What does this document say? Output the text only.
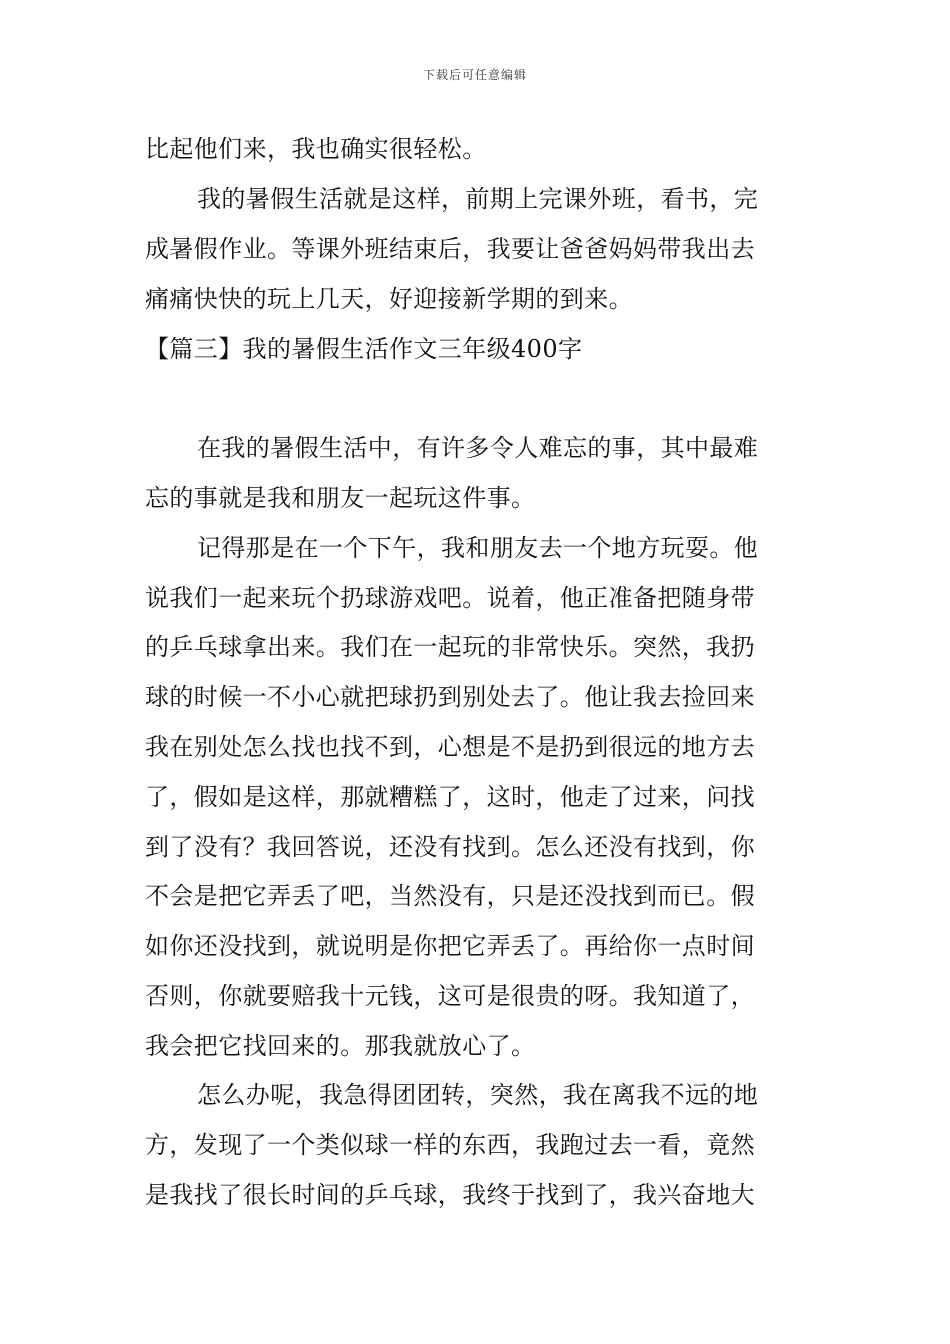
下载后可任意编辑
比起他们来，我也确实很轻松。
我的暑假生活就是这样，前期上完课外班，看书，完
成暑假作业。等课外班结束后，我要让爸爸妈妈带我出去
痛痛快快的玩上几天，好迎接新学期的到来。
【篇三】我的暑假生活作文三年级400字
在我的暑假生活中，有许多令人难忘的事，其中最难
忘的事就是我和朋友一起玩这件事。
记得那是在一个下午，我和朋友去一个地方玩耍。他
说我们一起来玩个扔球游戏吧。说着，他正准备把随身带
的乒乓球拿出来。我们在一起玩的非常快乐。突然，我扔
球的时候一不小心就把球扔到别处去了。他让我去捡回来
我在别处怎么找也找不到，心想是不是扔到很远的地方去
了，假如是这样，那就糟糕了，这时，他走了过来，问找
到了没有？我回答说，还没有找到。怎么还没有找到，你
不会是把它弄丢了吧，当然没有，只是还没找到而已。假
如你还没找到，就说明是你把它弄丢了。再给你一点时间
否则，你就要赔我十元钱，这可是很贵的呀。我知道了，
我会把它找回来的。那我就放心了。
怎么办呢，我急得团团转，突然，我在离我不远的地
方，发现了一个类似球一样的东西，我跑过去一看，竟然
是我找了很长时间的乒乓球，我终于找到了，我兴奋地大
